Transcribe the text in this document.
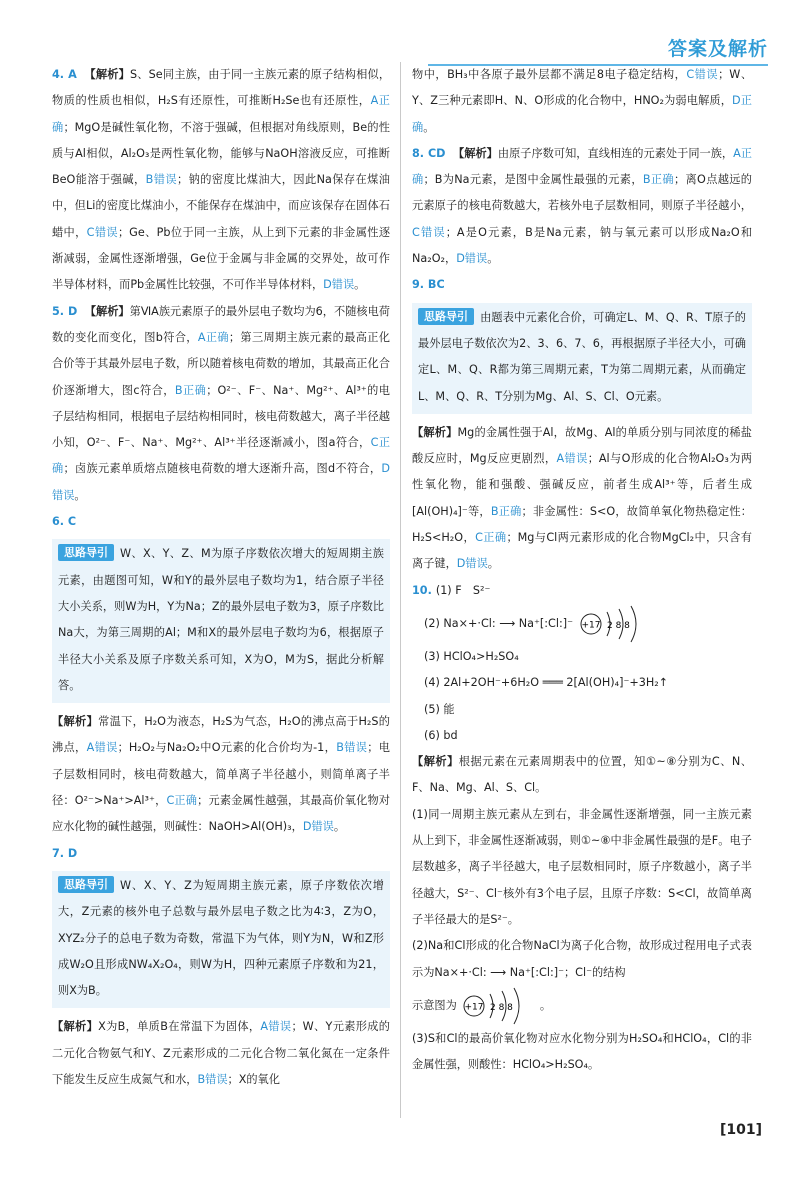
答案及解析
4. A 【解析】S、Se同主族，由于同一主族元素的原子结构相似，物质的性质也相似，H₂S有还原性，可推断H₂Se也有还原性，A正确；MgO是碱性氧化物，不溶于强碱，但根据对角线原则，Be的性质与Al相似，Al₂O₃是两性氧化物，能够与NaOH溶液反应，可推断BeO能溶于强碱，B错误；钠的密度比煤油大，因此Na保存在煤油中，但Li的密度比煤油小，不能保存在煤油中，而应该保存在固体石蜡中，C错误；Ge、Pb位于同一主族，从上到下元素的非金属性逐渐减弱，金属性逐渐增强，Ge位于金属与非金属的交界处，故可作半导体材料，而Pb金属性比较强，不可作半导体材料，D错误。
5. D 【解析】第ⅥA族元素原子的最外层电子数均为6，不随核电荷数的变化而变化，图b符合，A正确；第三周期主族元素的最高正化合价等于其最外层电子数，所以随着核电荷数的增加，其最高正化合价逐渐增大，图c符合，B正确；O²⁻、F⁻、Na⁺、Mg²⁺、Al³⁺的电子层结构相同，根据电子层结构相同时，核电荷数越大，离子半径越小知，O²⁻、F⁻、Na⁺、Mg²⁺、Al³⁺半径逐渐减小，图a符合，C正确；卤族元素单质熔点随核电荷数的增大逐渐升高，图d不符合，D错误。
6. C
思路导引 W、X、Y、Z、M为原子序数依次增大的短周期主族元素，由题图可知，W和Y的最外层电子数均为1，结合原子半径大小关系，则W为H，Y为Na；Z的最外层电子数为3，原子序数比Na大，为第三周期的Al；M和X的最外层电子数均为6，根据原子半径大小关系及原子序数关系可知，X为O，M为S，据此分析解答。
【解析】常温下，H₂O为液态，H₂S为气态，H₂O的沸点高于H₂S的沸点，A错误；H₂O₂与Na₂O₂中O元素的化合价均为-1，B错误；电子层数相同时，核电荷数越大，简单离子半径越小，则简单离子半径：O²⁻>Na⁺>Al³⁺，C正确；元素金属性越强，其最高价氧化物对应水化物的碱性越强，则碱性：NaOH>Al(OH)₃，D错误。
7. D
思路导引 W、X、Y、Z为短周期主族元素，原子序数依次增大，Z元素的核外电子总数与最外层电子数之比为4∶3，Z为O，XYZ₂分子的总电子数为奇数，常温下为气体，则Y为N，W和Z形成W₂O且形成NW₄X₂O₄，则W为H，四种元素原子序数和为21，则X为B。
【解析】X为B，单质B在常温下为固体，A错误；W、Y元素形成的二元化合物氨气和Y、Z元素形成的二元化合物二氧化氮在一定条件下能发生反应生成氮气和水，B错误；X的氧化
物中，BH₃中各原子最外层都不满足8电子稳定结构，C错误；W、Y、Z三种元素即H、N、O形成的化合物中，HNO₂为弱电解质，D正确。
8. CD 【解析】由原子序数可知，直线相连的元素处于同一族，A正确；B为Na元素，是图中金属性最强的元素，B正确；离O点越远的元素原子的核电荷数越大，若核外电子层数相同，则原子半径越小，C错误；A是O元素，B是Na元素，钠与氧元素可以形成Na₂O和Na₂O₂，D错误。
9. BC
思路导引 由题表中元素化合价，可确定L、M、Q、R、T原子的最外层电子数依次为2、3、6、7、6，再根据原子半径大小，可确定L、M、Q、R都为第三周期元素，T为第二周期元素，从而确定L、M、Q、R、T分别为Mg、Al、S、Cl、O元素。
【解析】Mg的金属性强于Al，故Mg、Al的单质分别与同浓度的稀盐酸反应时，Mg反应更剧烈，A错误；Al与O形成的化合物Al₂O₃为两性氧化物，能和强酸、强碱反应，前者生成Al³⁺等，后者生成[Al(OH)₄]⁻等，B正确；非金属性：S<O，故简单氧化物热稳定性：H₂S<H₂O，C正确；Mg与Cl两元素形成的化合物MgCl₂中，只含有离子键，D错误。
10. (1) F　S²⁻
(2) Na×+·Cl: ⟶ Na⁺[:Cl:]⁻ +17 2 8 8
(3) HClO₄>H₂SO₄
(4) 2Al+2OH⁻+6H₂O ═══ 2[Al(OH)₄]⁻+3H₂↑
(5) 能
(6) bd
【解析】根据元素在元素周期表中的位置，知①~⑧分别为C、N、F、Na、Mg、Al、S、Cl。
(1)同一周期主族元素从左到右，非金属性逐渐增强，同一主族元素从上到下，非金属性逐渐减弱，则①~⑧中非金属性最强的是F。电子层数越多，离子半径越大，电子层数相同时，原子序数越小，离子半径越大，S²⁻、Cl⁻核外有3个电子层，且原子序数：S<Cl，故简单离子半径最大的是S²⁻。
(2)Na和Cl形成的化合物NaCl为离子化合物，故形成过程用电子式表示为Na×+·Cl: ⟶ Na⁺[:Cl:]⁻；Cl⁻的结构
示意图为 +17 2 8 8 。
(3)S和Cl的最高价氧化物对应水化物分别为H₂SO₄和HClO₄，Cl的非金属性强，则酸性：HClO₄>H₂SO₄。
[101]
